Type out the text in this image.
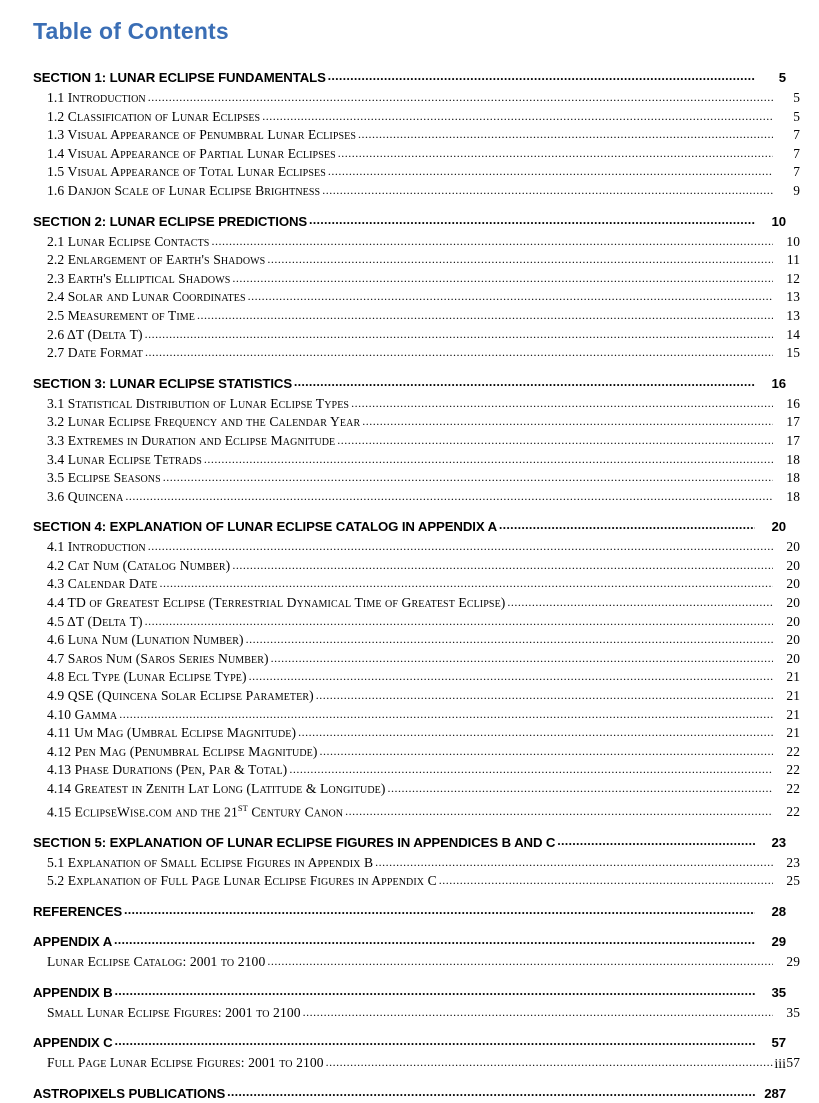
Table of Contents
SECTION 1: LUNAR ECLIPSE FUNDAMENTALS .....	5
1.1 Introduction .....	5
1.2 Classification of Lunar Eclipses .....	5
1.3 Visual Appearance of Penumbral Lunar Eclipses .....	7
1.4 Visual Appearance of Partial Lunar Eclipses .....	7
1.5 Visual Appearance of Total Lunar Eclipses .....	7
1.6 Danjon Scale of Lunar Eclipse Brightness .....	9
SECTION 2: LUNAR ECLIPSE PREDICTIONS .....	10
2.1 Lunar Eclipse Contacts .....	10
2.2 Enlargement of Earth's Shadows .....	11
2.3 Earth's Elliptical Shadows .....	12
2.4 Solar and Lunar Coordinates .....	13
2.5 Measurement of Time .....	13
2.6 ΔT (Delta T) .....	14
2.7 Date Format .....	15
SECTION 3: LUNAR ECLIPSE STATISTICS .....	16
3.1 Statistical Distribution of Lunar Eclipse Types .....	16
3.2 Lunar Eclipse Frequency and the Calendar Year .....	17
3.3 Extremes in Duration and Eclipse Magnitude .....	17
3.4 Lunar Eclipse Tetrads .....	18
3.5 Eclipse Seasons .....	18
3.6 Quincena .....	18
SECTION 4: EXPLANATION OF LUNAR ECLIPSE CATALOG IN APPENDIX A .....	20
4.1 Introduction .....	20
4.2 Cat Num (Catalog Number) .....	20
4.3 Calendar Date .....	20
4.4 TD of Greatest Eclipse (Terrestrial Dynamical Time of Greatest Eclipse) .....	20
4.5 ΔT (Delta T) .....	20
4.6 Luna Num (Lunation Number) .....	20
4.7 Saros Num (Saros Series Number) .....	20
4.8 Ecl Type (Lunar Eclipse Type) .....	21
4.9 QSE (Quincena Solar Eclipse Parameter) .....	21
4.10 Gamma .....	21
4.11 Um Mag (Umbral Eclipse Magnitude) .....	21
4.12 Pen Mag (Penumbral Eclipse Magnitude) .....	22
4.13 Phase Durations (Pen, Par & Total) .....	22
4.14 Greatest in Zenith Lat Long (Latitude & Longitude) .....	22
4.15 EclipseWise.com and the 21ST Century Canon .....	22
SECTION 5: EXPLANATION OF LUNAR ECLIPSE FIGURES IN APPENDICES B AND C .....	23
5.1 Explanation of Small Eclipse Figures in Appendix B .....	23
5.2 Explanation of Full Page Lunar Eclipse Figures in Appendix C .....	25
REFERENCES .....	28
APPENDIX A .....	29
Lunar Eclipse Catalog: 2001 to 2100 .....	29
APPENDIX B .....	35
Small Lunar Eclipse Figures: 2001 to 2100 .....	35
APPENDIX C .....	57
Full Page Lunar Eclipse Figures: 2001 to 2100 .....	57
ASTROPIXELS PUBLICATIONS .....	287
iii
